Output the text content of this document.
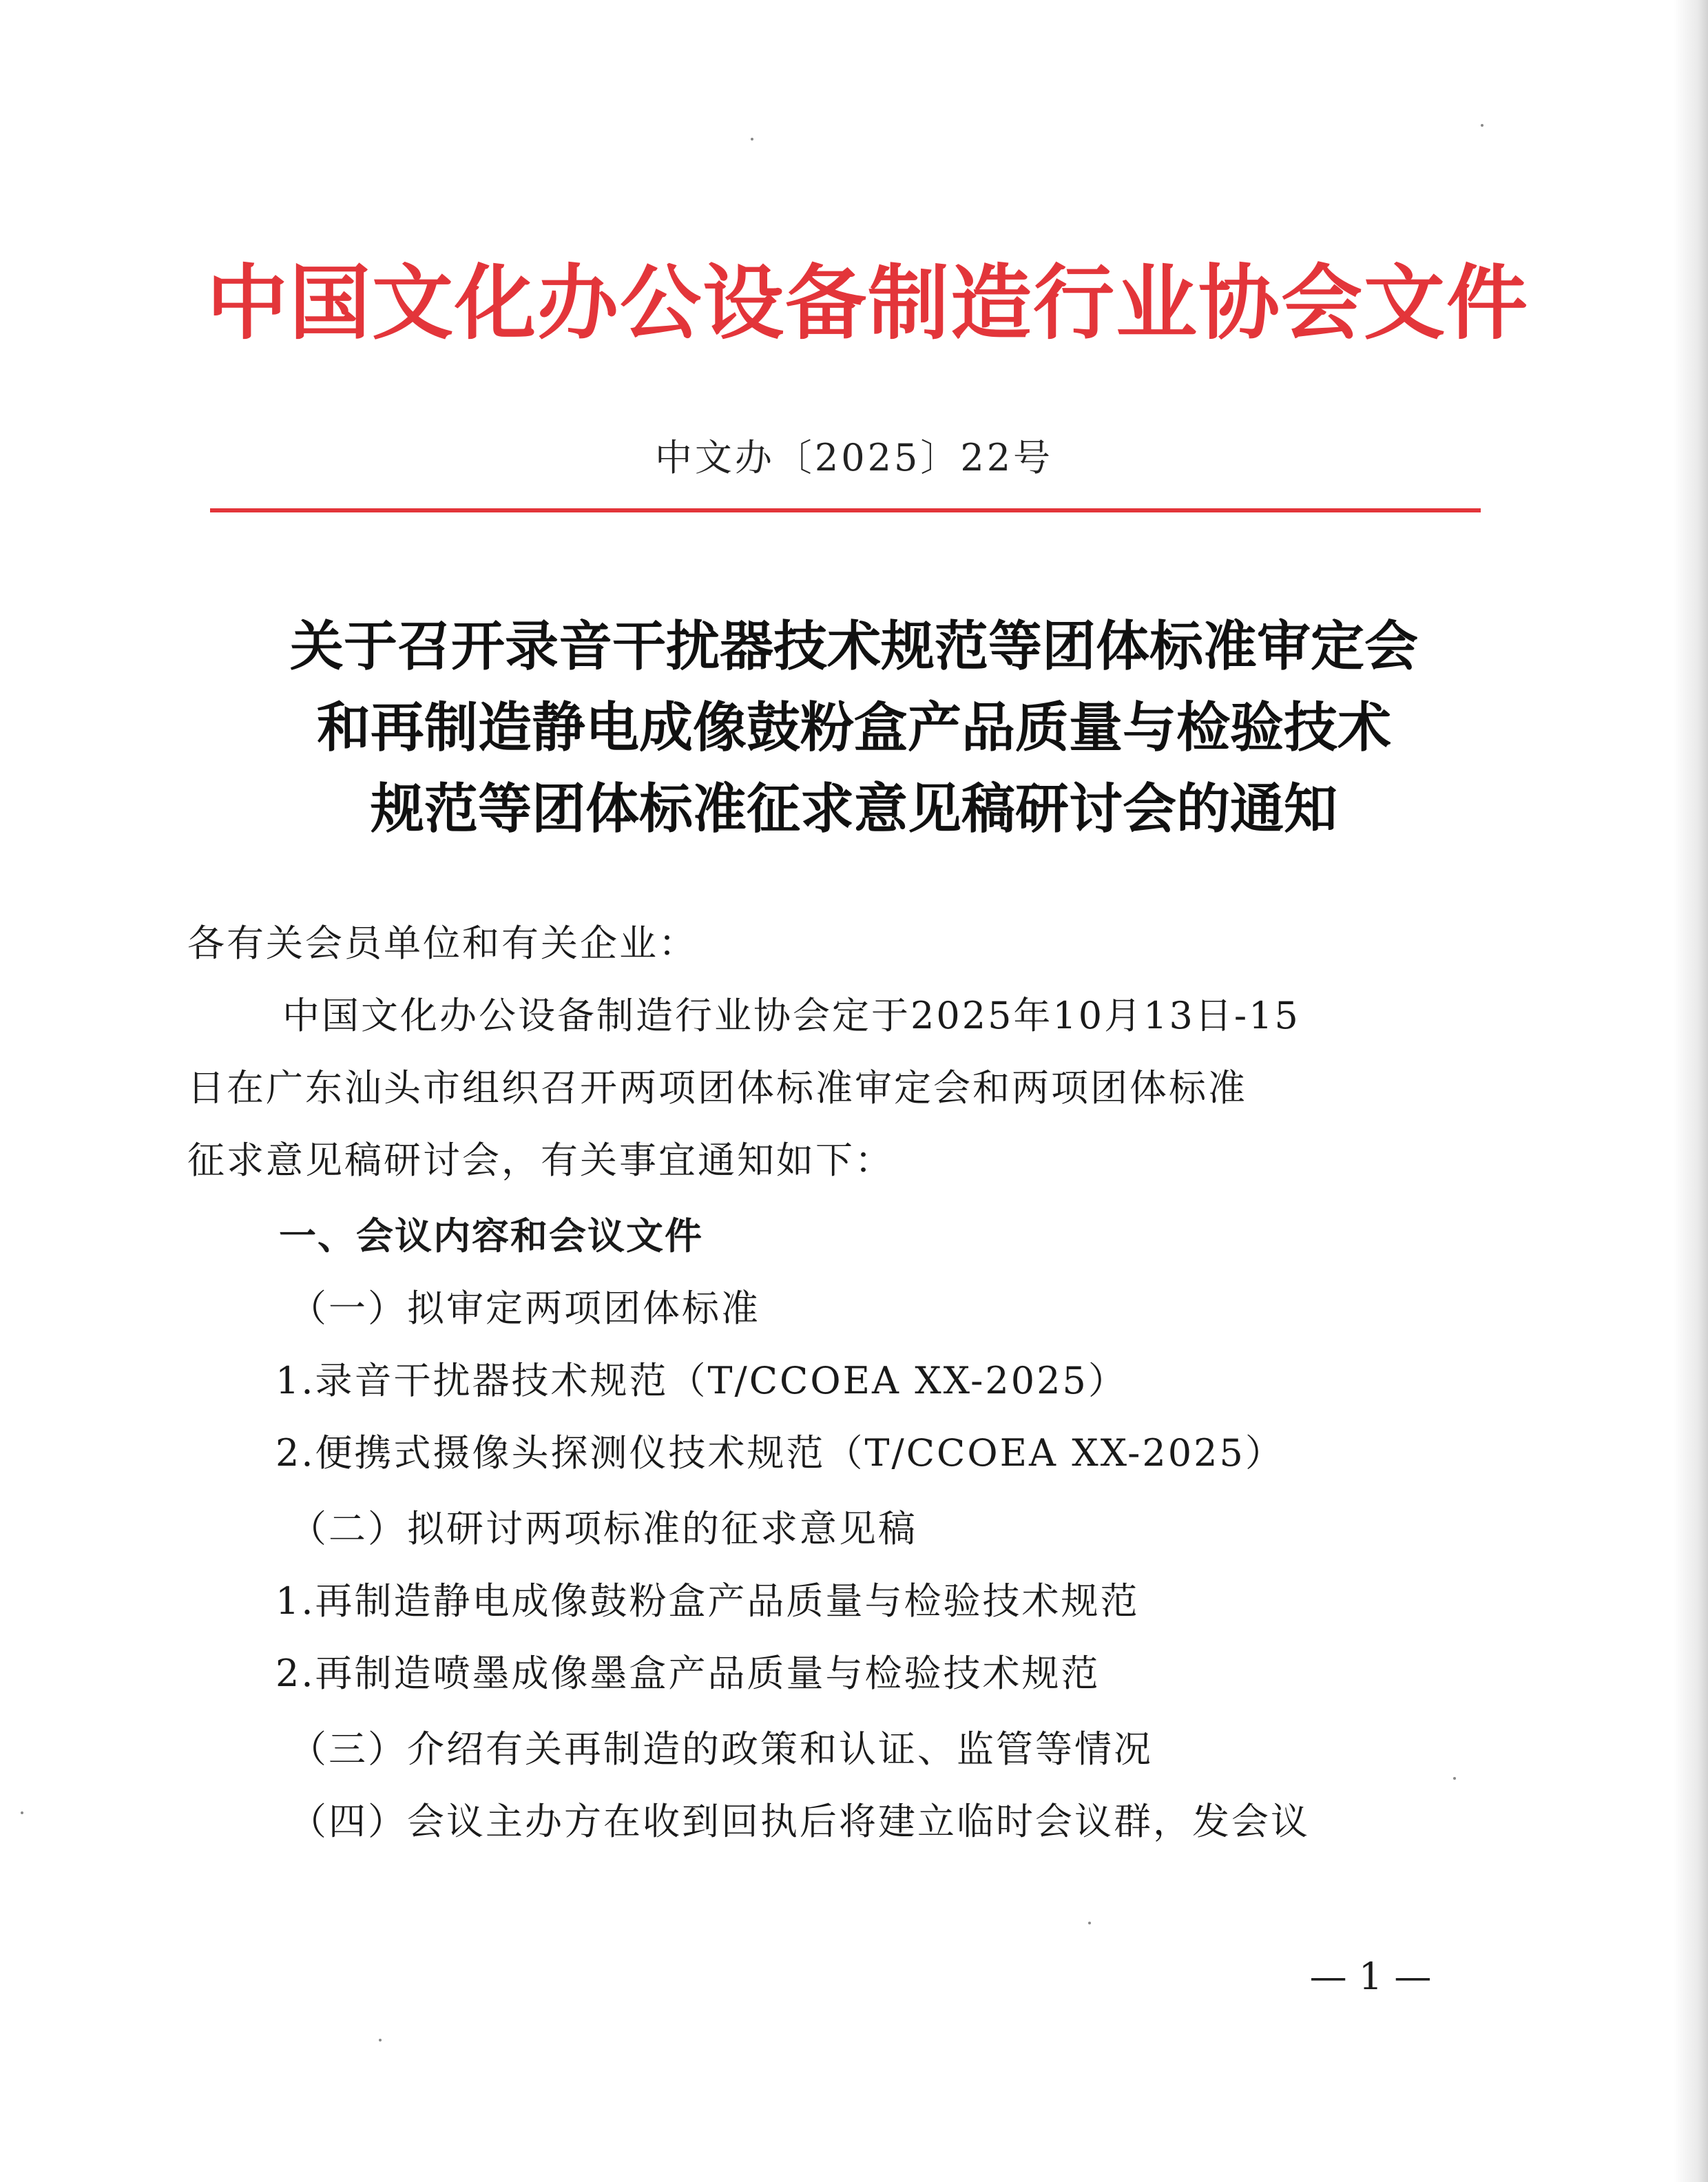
中国文化办公设备制造行业协会文件
中文办〔2025〕22号
关于召开录音干扰器技术规范等团体标准审定会
和再制造静电成像鼓粉盒产品质量与检验技术
规范等团体标准征求意见稿研讨会的通知
各有关会员单位和有关企业：
中国文化办公设备制造行业协会定于2025年10月13日-15
日在广东汕头市组织召开两项团体标准审定会和两项团体标准
征求意见稿研讨会，有关事宜通知如下：
一、会议内容和会议文件
（一）拟审定两项团体标准
1.录音干扰器技术规范（T/CCOEA XX-2025）
2.便携式摄像头探测仪技术规范（T/CCOEA XX-2025）
（二）拟研讨两项标准的征求意见稿
1.再制造静电成像鼓粉盒产品质量与检验技术规范
2.再制造喷墨成像墨盒产品质量与检验技术规范
（三）介绍有关再制造的政策和认证、监管等情况
（四）会议主办方在收到回执后将建立临时会议群，发会议
— 1 —
